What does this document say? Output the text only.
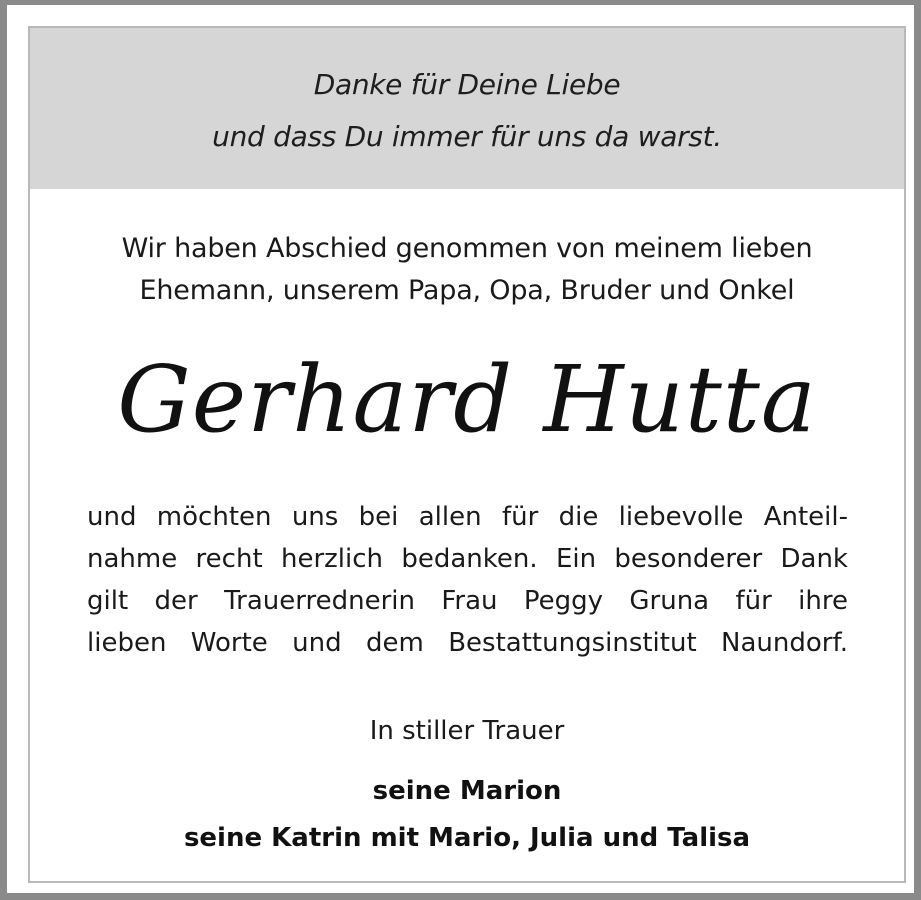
Danke für Deine Liebe
und dass Du immer für uns da warst.
Wir haben Abschied genommen von meinem lieben
Ehemann, unserem Papa, Opa, Bruder und Onkel
Gerhard Hutta
und möchten uns bei allen für die liebevolle Anteil-
nahme recht herzlich bedanken. Ein besonderer Dank
gilt der Trauerrednerin Frau Peggy Gruna für ihre
lieben Worte und dem Bestattungsinstitut Naundorf.
In stiller Trauer
seine Marion
seine Katrin mit Mario, Julia und Talisa
